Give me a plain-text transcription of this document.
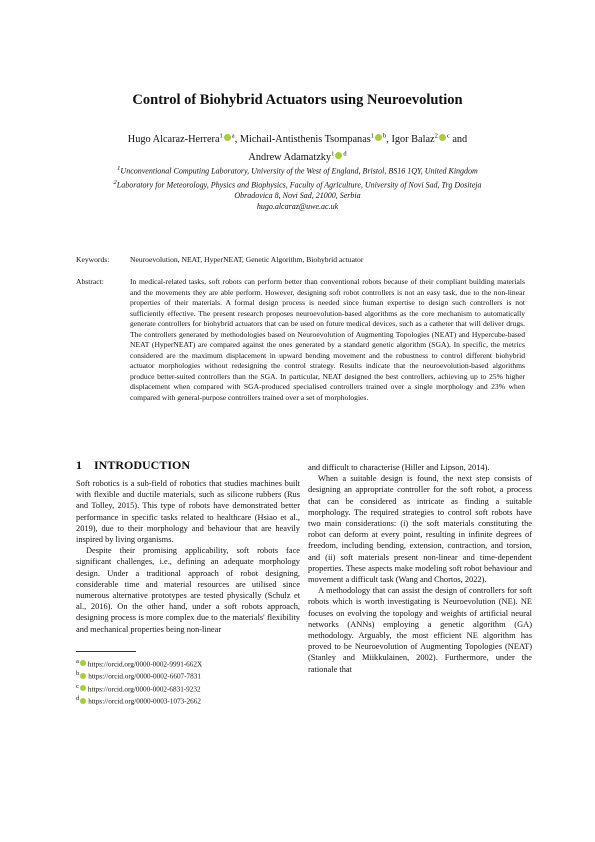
Control of Biohybrid Actuators using Neuroevolution
Hugo Alcaraz-Herrera$^1$ $^a$, Michail-Antisthenis Tsompanas$^1$ $^b$, Igor Balaz$^2$ $^c$ and Andrew Adamatzky$^1$ $^d$
$^1$Unconventional Computing Laboratory, University of the West of England, Bristol, BS16 1QY, United Kingdom
$^2$Laboratory for Meteorology, Physics and Biophysics, Faculty of Agriculture, University of Novi Sad, Trg Dositeja
Obradovica 8, Novi Sad, 21000, Serbia
hugo.alcaraz@uwe.ac.uk
Keywords:	Neuroevolution, NEAT, HyperNEAT, Genetic Algorithm, Biohybrid actuator
Abstract:	In medical-related tasks, soft robots can perform better than conventional robots because of their compliant building materials and the movements they are able perform. However, designing soft robot controllers is not an easy task, due to the non-linear properties of their materials. A formal design process is needed since human expertise to design such controllers is not sufficiently effective. The present research proposes neuroevolution-based algorithms as the core mechanism to automatically generate controllers for biohybrid actuators that can be used on future medical devices, such as a catheter that will deliver drugs. The controllers generated by methodologies based on Neuroevolution of Augmenting Topologies (NEAT) and Hypercube-based NEAT (HyperNEAT) are compared against the ones generated by a standard genetic algorithm (SGA). In specific, the metrics considered are the maximum displacement in upward bending movement and the robustness to control different biohybrid actuator morphologies without redesigning the control strategy. Results indicate that the neuroevolution-based algorithms produce better-suited controllers than the SGA. In particular, NEAT designed the best controllers, achieving up to 25% higher displacement when compared with SGA-produced specialised controllers trained over a single morphology and 23% when compared with general-purpose controllers trained over a set of morphologies.
1 INTRODUCTION

Soft robotics is a sub-field of robotics that studies machines built with flexible and ductile materials, such as silicone rubbers (Rus and Tolley, 2015). This type of robots have demonstrated better performance in specific tasks related to healthcare (Hsiao et al., 2019), due to their morphology and behaviour that are heavily inspired by living organisms.

Despite their promising applicability, soft robots face significant challenges, i.e., defining an adequate morphology design. Under a traditional approach of robot designing, considerable time and material resources are utilised since numerous alternative prototypes are tested physically (Schulz et al., 2016). On the other hand, under a soft robots approach, designing process is more complex due to the materials' flexibility and mechanical properties being non-linear

and difficult to characterise (Hiller and Lipson, 2014).

When a suitable design is found, the next step consists of designing an appropriate controller for the soft robot, a process that can be considered as intricate as finding a suitable morphology. The required strategies to control soft robots have two main considerations: (i) the soft materials constituting the robot can deform at every point, resulting in infinite degrees of freedom, including bending, extension, contraction, and torsion, and (ii) soft materials present non-linear and time-dependent properties. These aspects make modeling soft robot behaviour and movement a difficult task (Wang and Chortos, 2022).

A methodology that can assist the design of controllers for soft robots which is worth investigating is Neuroevolution (NE). NE focuses on evolving the topology and weights of artificial neural networks (ANNs) employing a genetic algorithm (GA) methodology. Arguably, the most efficient NE algorithm has proved to be Neuroevolution of Augmenting Topologies (NEAT) (Stanley and Miikkulainen, 2002). Furthermore, under the rationale that

$^a$ https://orcid.org/0000-0002-9991-662X
$^b$ https://orcid.org/0000-0002-6607-7831
$^c$ https://orcid.org/0000-0002-6831-9232
$^d$ https://orcid.org/0000-0003-1073-2662
